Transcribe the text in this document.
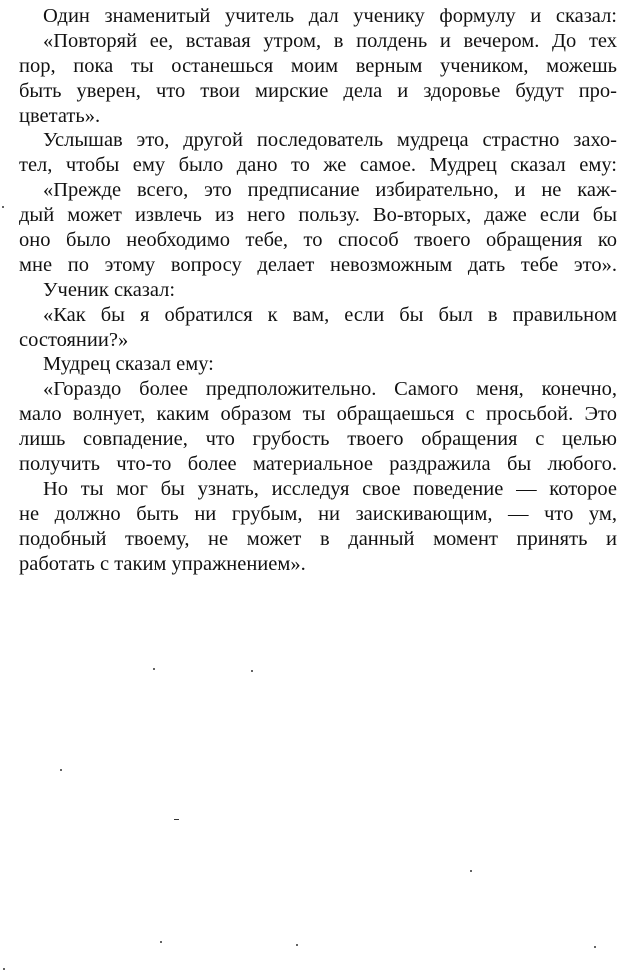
Один знаменитый учитель дал ученику формулу и сказал:
«Повторяй ее, вставая утром, в полдень и вечером. До тех
пор, пока ты останешься моим верным учеником, можешь
быть уверен, что твои мирские дела и здоровье будут про-
цветать».
Услышав это, другой последователь мудреца страстно захо-
тел, чтобы ему было дано то же самое. Мудрец сказал ему:
«Прежде всего, это предписание избирательно, и не каж-
дый может извлечь из него пользу. Во-вторых, даже если бы
оно было необходимо тебе, то способ твоего обращения ко
мне по этому вопросу делает невозможным дать тебе это».
Ученик сказал:
«Как бы я обратился к вам, если бы был в правильном
состоянии?»
Мудрец сказал ему:
«Гораздо более предположительно. Самого меня, конечно,
мало волнует, каким образом ты обращаешься с просьбой. Это
лишь совпадение, что грубость твоего обращения с целью
получить что-то более материальное раздражила бы любого.
Но ты мог бы узнать, исследуя свое поведение — которое
не должно быть ни грубым, ни заискивающим, — что ум,
подобный твоему, не может в данный момент принять и
работать с таким упражнением».
